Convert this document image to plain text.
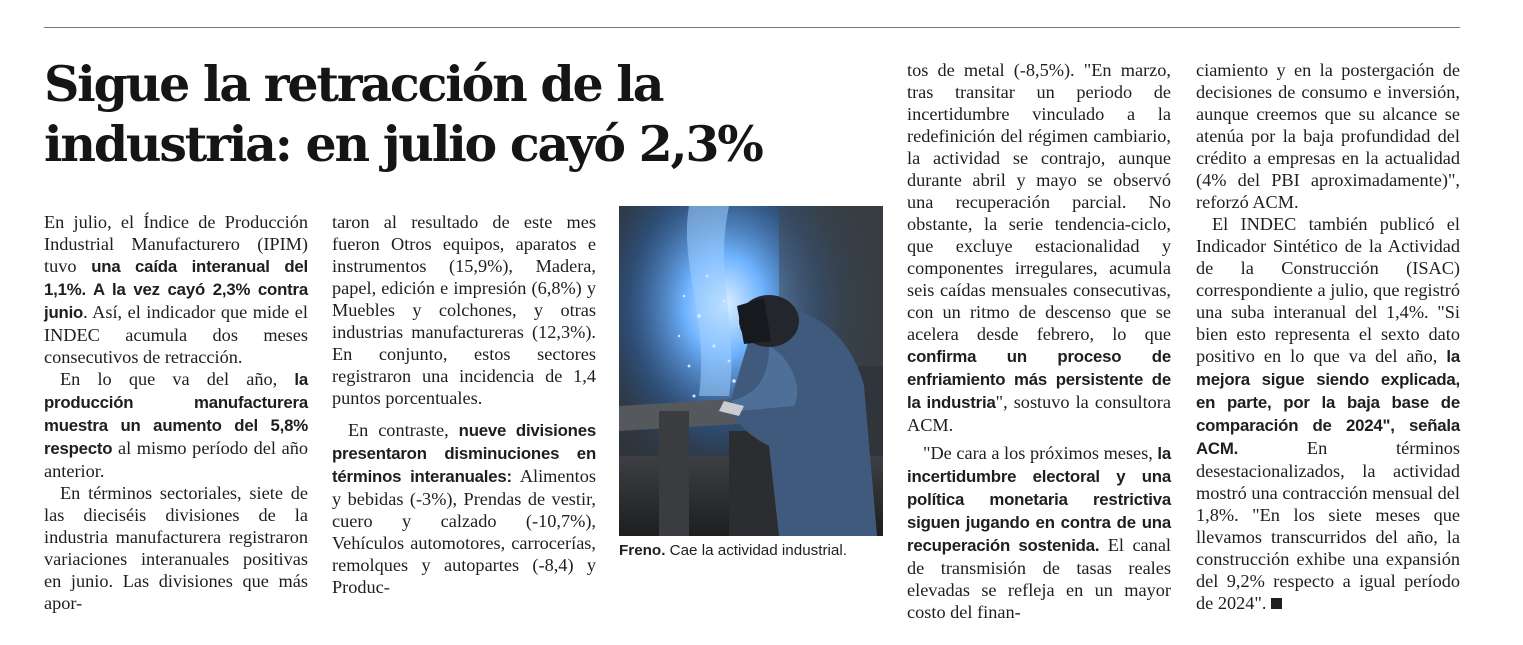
Sigue la retracción de la industria: en julio cayó 2,3%

En julio, el Índice de Producción Industrial Manufacturero (IPIM) tuvo una caída interanual del 1,1%. A la vez cayó 2,3% contra junio. Así, el indicador que mide el INDEC acumula dos meses consecutivos de retracción.

En lo que va del año, la producción manufacturera muestra un aumento del 5,8% respecto al mismo período del año anterior.

En términos sectoriales, siete de las dieciséis divisiones de la industria manufacturera registraron variaciones interanuales positivas en junio. Las divisiones que más apor-

taron al resultado de este mes fueron Otros equipos, aparatos e instrumentos (15,9%), Madera, papel, edición e impresión (6,8%) y Muebles y colchones, y otras industrias manufactureras (12,3%). En conjunto, estos sectores registraron una incidencia de 1,4 puntos porcentuales.

En contraste, nueve divisiones presentaron disminuciones en términos interanuales: Alimentos y bebidas (-3%), Prendas de vestir, cuero y calzado (-10,7%), Vehículos automotores, carrocerías, remolques y autopartes (-8,4) y Produc-

Freno. Cae la actividad industrial.

tos de metal (-8,5%). "En marzo, tras transitar un periodo de incertidumbre vinculado a la redefinición del régimen cambiario, la actividad se contrajo, aunque durante abril y mayo se observó una recuperación parcial. No obstante, la serie tendencia-ciclo, que excluye estacionalidad y componentes irregulares, acumula seis caídas mensuales consecutivas, con un ritmo de descenso que se acelera desde febrero, lo que confirma un proceso de enfriamiento más persistente de la industria", sostuvo la consultora ACM.

"De cara a los próximos meses, la incertidumbre electoral y una política monetaria restrictiva siguen jugando en contra de una recuperación sostenida. El canal de transmisión de tasas reales elevadas se refleja en un mayor costo del finan-

ciamiento y en la postergación de decisiones de consumo e inversión, aunque creemos que su alcance se atenúa por la baja profundidad del crédito a empresas en la actualidad (4% del PBI aproximadamente)", reforzó ACM.

El INDEC también publicó el Indicador Sintético de la Actividad de la Construcción (ISAC) correspondiente a julio, que registró una suba interanual del 1,4%. "Si bien esto representa el sexto dato positivo en lo que va del año, la mejora sigue siendo explicada, en parte, por la baja base de comparación de 2024", señala ACM. En términos desestacionalizados, la actividad mostró una contracción mensual del 1,8%. "En los siete meses que llevamos transcurridos del año, la construcción exhibe una expansión del 9,2% respecto a igual período de 2024".
